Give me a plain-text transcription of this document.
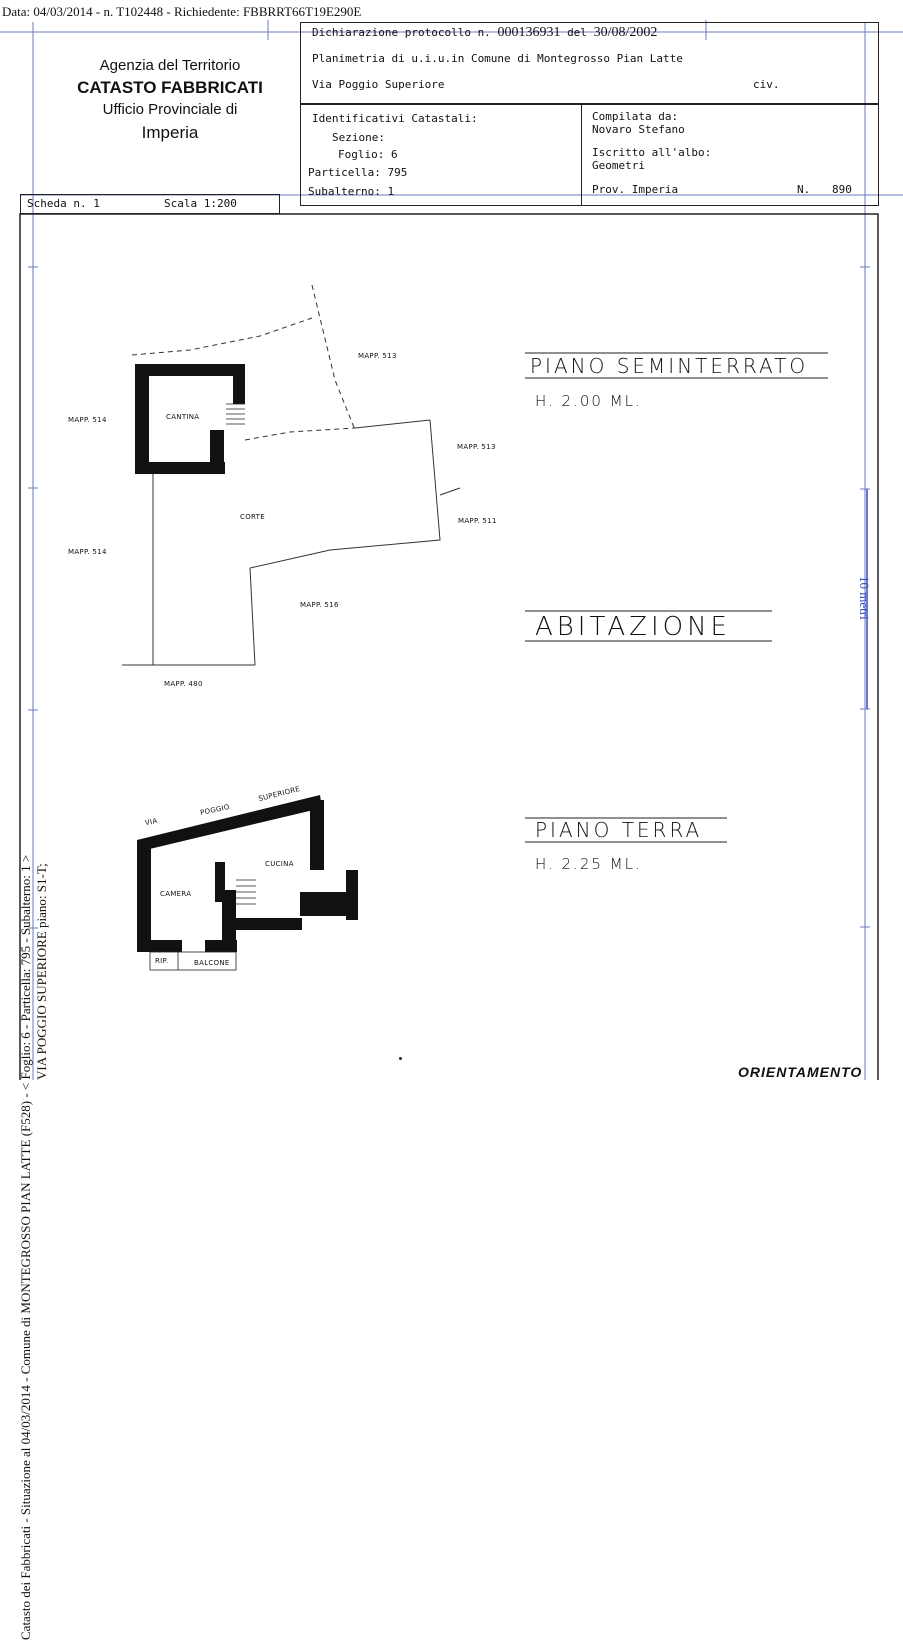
Data: 04/03/2014 - n. T102448 - Richiedente: FBBRRT66T19E290E
Agenzia del Territorio
CATASTO FABBRICATI
Ufficio Provinciale di
Imperia
Dichiarazione protocollo n. 000136931 del 30/08/2002
Planimetria di u.i.u.in Comune di Montegrosso Pian Latte
Via Poggio Superiore	civ.
Identificativi Catastali:
Sezione:
Foglio: 6
Particella: 795
Subalterno: 1
Compilata da:
Novaro Stefano
Iscritto all'albo:
Geometri
Prov. Imperia	N. 890
Scheda n. 1	Scala 1:200
Catasto dei Fabbricati - Situazione al 04/03/2014 - Comune di MONTEGROSSO PIAN LATTE (F528) - < Foglio: 6 - Particella: 795 - Subalterno: 1 > VIA POGGIO SUPERIORE piano: S1-T;
10 metri
MAPP. 513
MAPP. 514	CANTINA
MAPP. 513
CORTE	MAPP. 511
MAPP. 514
MAPP. 516
MAPP. 480
VIA
POGGIO
SUPERIORE
CUCINA
CAMERA	WC
RIP.	BALCONE
PIANO SEMINTERRATO
H. 2.00 ML.
ABITAZIONE
PIANO TERRA
H. 2.25 ML.
ORIENTAMENTO
